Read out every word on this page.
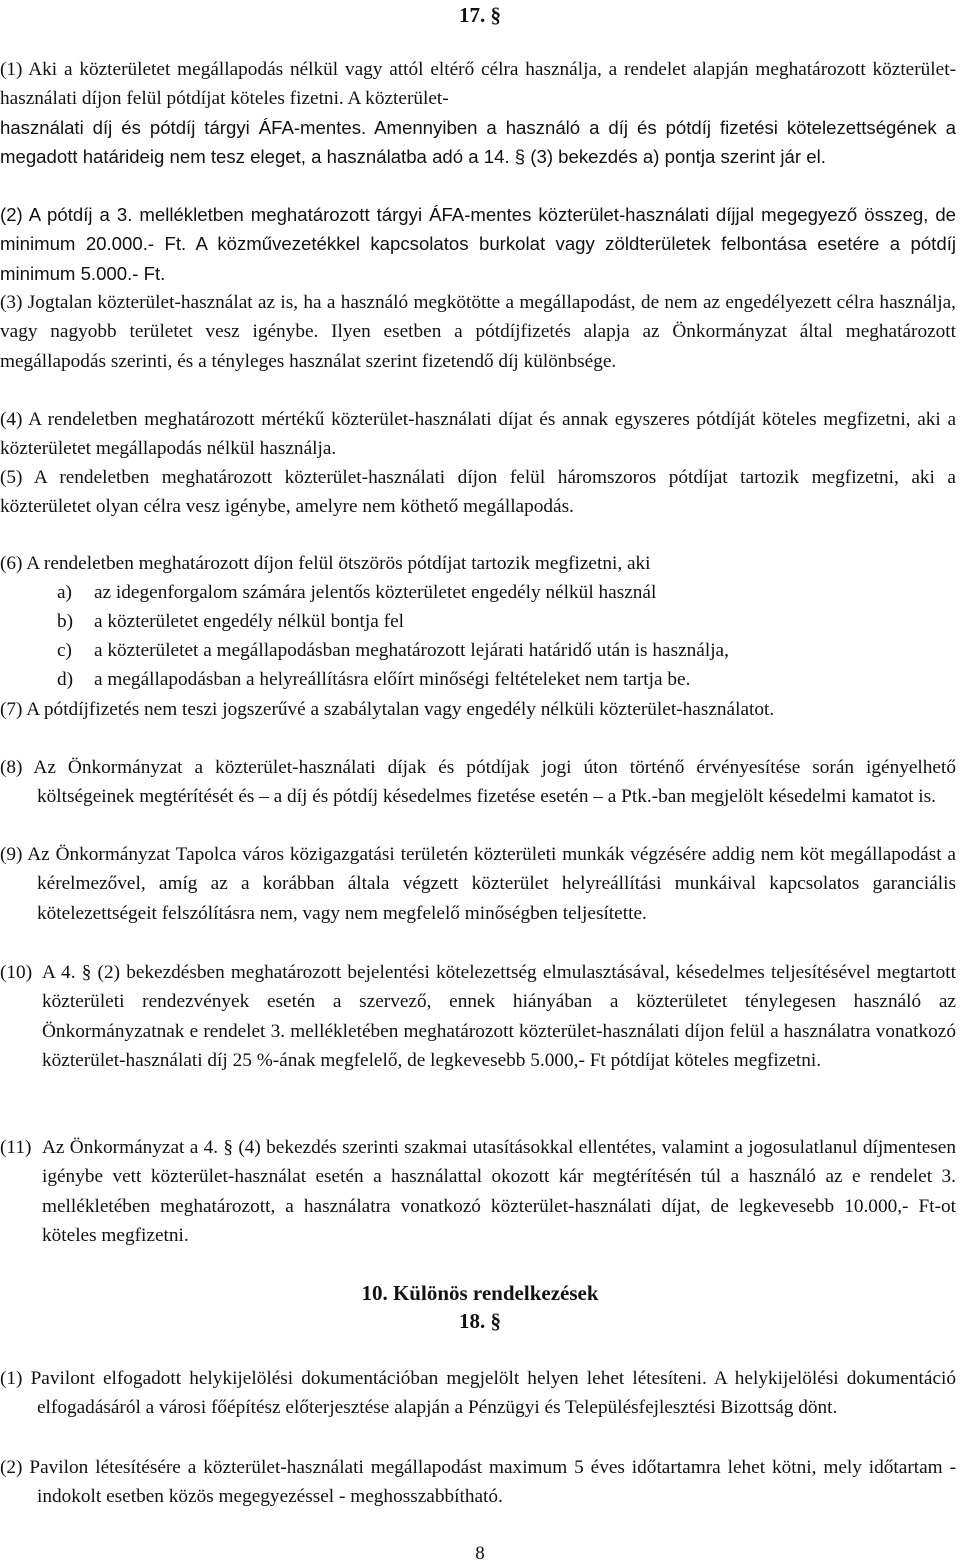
17. §
(1) Aki a közterületet megállapodás nélkül vagy attól eltérő célra használja, a rendelet alapján meghatározott közterület-használati díjon felül pótdíjat köteles fizetni. A közterület-
használati díj és pótdíj tárgyi ÁFA-mentes. Amennyiben a használó a díj és pótdíj fizetési kötelezettségének a megadott határideig nem tesz eleget, a használatba adó a 14. § (3) bekezdés a) pontja szerint jár el.
(2) A pótdíj a 3. mellékletben meghatározott tárgyi ÁFA-mentes közterület-használati díjjal megegyező összeg, de minimum 20.000.- Ft. A közművezetékkel kapcsolatos burkolat vagy zöldterületek felbontása esetére a pótdíj minimum 5.000.- Ft.
(3) Jogtalan közterület-használat az is, ha a használó megkötötte a megállapodást, de nem az engedélyezett célra használja, vagy nagyobb területet vesz igénybe. Ilyen esetben a pótdíjfizetés alapja az Önkormányzat által meghatározott megállapodás szerinti, és a tényleges használat szerint fizetendő díj különbsége.
(4) A rendeletben meghatározott mértékű közterület-használati díjat és annak egyszeres pótdíját köteles megfizetni, aki a közterületet megállapodás nélkül használja.
(5) A rendeletben meghatározott közterület-használati díjon felül háromszoros pótdíjat tartozik megfizetni, aki a közterületet olyan célra vesz igénybe, amelyre nem köthető megállapodás.
(6) A rendeletben meghatározott díjon felül ötszörös pótdíjat tartozik megfizetni, aki
a) az idegenforgalom számára jelentős közterületet engedély nélkül használ
b) a közterületet engedély nélkül bontja fel
c) a közterületet a megállapodásban meghatározott lejárati határidő után is használja,
d) a megállapodásban a helyreállításra előírt minőségi feltételeket nem tartja be.
(7) A pótdíjfizetés nem teszi jogszerűvé a szabálytalan vagy engedély nélküli közterület-használatot.
(8) Az Önkormányzat a közterület-használati díjak és pótdíjak jogi úton történő érvényesítése során igényelhető költségeinek megtérítését és – a díj és pótdíj késedelmes fizetése esetén – a Ptk.-ban megjelölt késedelmi kamatot is.
(9) Az Önkormányzat Tapolca város közigazgatási területén közterületi munkák végzésére addig nem köt megállapodást a kérelmezővel, amíg az a korábban általa végzett közterület helyreállítási munkáival kapcsolatos garanciális kötelezettségeit felszólításra nem, vagy nem megfelelő minőségben teljesítette.
(10) A 4. § (2) bekezdésben meghatározott bejelentési kötelezettség elmulasztásával, késedelmes teljesítésével megtartott közterületi rendezvények esetén a szervező, ennek hiányában a közterületet ténylegesen használó az Önkormányzatnak e rendelet 3. mellékletében meghatározott közterület-használati díjon felül a használatra vonatkozó közterület-használati díj 25 %-ának megfelelő, de legkevesebb 5.000,- Ft pótdíjat köteles megfizetni.
(11) Az Önkormányzat a 4. § (4) bekezdés szerinti szakmai utasításokkal ellentétes, valamint a jogosulatlanul díjmentesen igénybe vett közterület-használat esetén a használattal okozott kár megtérítésén túl a használó az e rendelet 3. mellékletében meghatározott, a használatra vonatkozó közterület-használati díjat, de legkevesebb 10.000,- Ft-ot köteles megfizetni.
10. Különös rendelkezések
18. §
(1) Pavilont elfogadott helykijelölési dokumentációban megjelölt helyen lehet létesíteni. A helykijelölési dokumentáció elfogadásáról a városi főépítész előterjesztése alapján a Pénzügyi és Településfejlesztési Bizottság dönt.
(2) Pavilon létesítésére a közterület-használati megállapodást maximum 5 éves időtartamra lehet kötni, mely időtartam - indokolt esetben közös megegyezéssel - meghosszabbítható.
8
